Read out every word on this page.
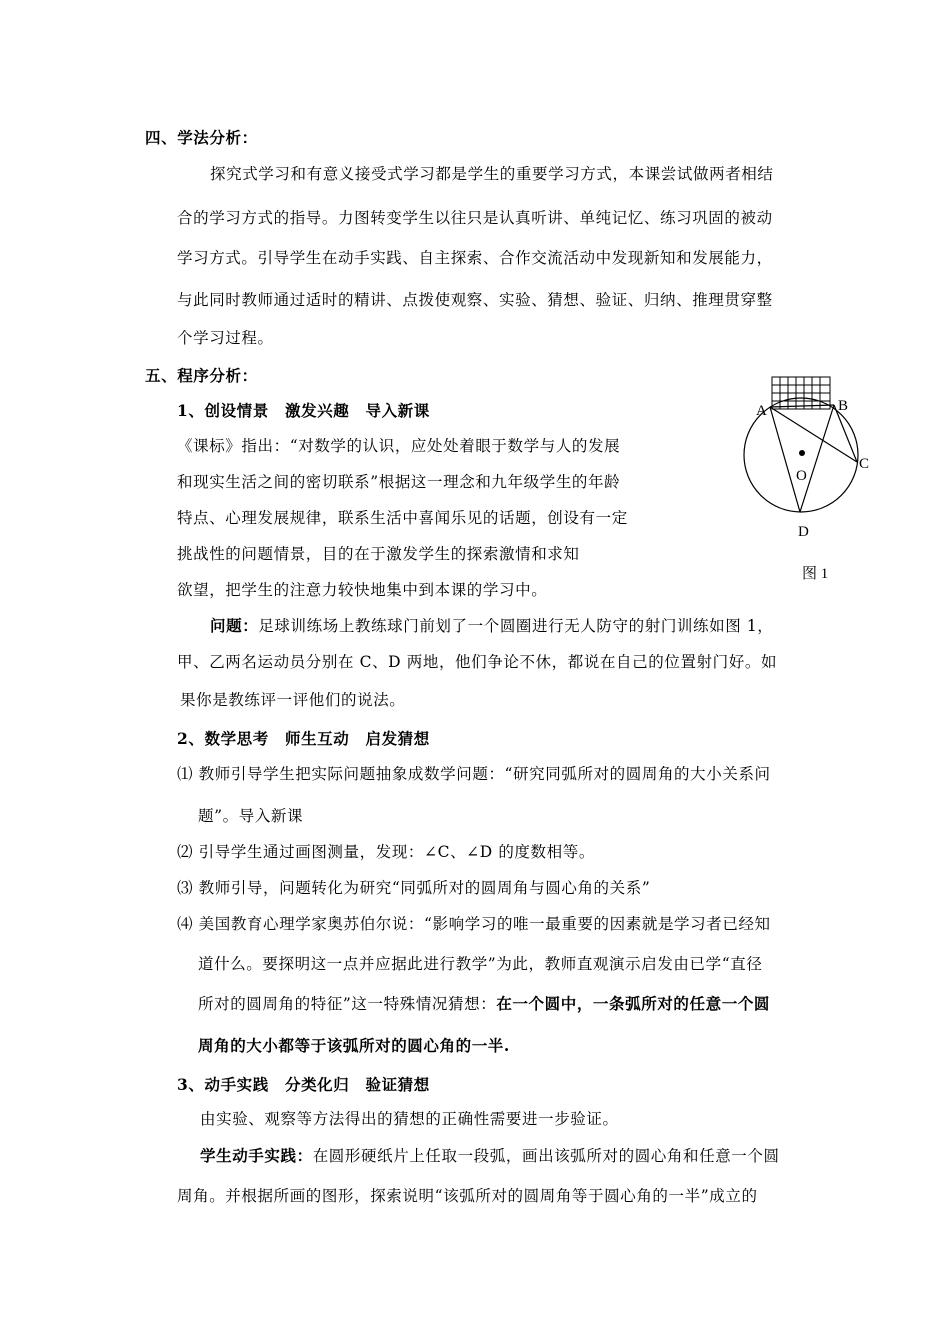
四、学法分析：
探究式学习和有意义接受式学习都是学生的重要学习方式，本课尝试做两者相结
合的学习方式的指导。力图转变学生以往只是认真听讲、单纯记忆、练习巩固的被动
学习方式。引导学生在动手实践、自主探索、合作交流活动中发现新知和发展能力，
与此同时教师通过适时的精讲、点拨使观察、实验、猜想、验证、归纳、推理贯穿整
个学习过程。
五、程序分析：
1、创设情景　激发兴趣　导入新课
《课标》指出：“对数学的认识，应处处着眼于数学与人的发展
和现实生活之间的密切联系”根据这一理念和九年级学生的年龄
特点、心理发展规律，联系生活中喜闻乐见的话题，创设有一定
挑战性的问题情景，目的在于激发学生的探索激情和求知
欲望，把学生的注意力较快地集中到本课的学习中。
问题：足球训练场上教练球门前划了一个圆圈进行无人防守的射门训练如图 1，
甲、乙两名运动员分别在 C、D 两地，他们争论不休，都说在自己的位置射门好。如
果你是教练评一评他们的说法。
A	B
C
O
D
图 1
2、数学思考　师生互动　启发猜想
⑴ 教师引导学生把实际问题抽象成数学问题：“研究同弧所对的圆周角的大小关系问
题”。导入新课
⑵ 引导学生通过画图测量，发现：∠C、∠D 的度数相等。
⑶ 教师引导，问题转化为研究“同弧所对的圆周角与圆心角的关系”
⑷ 美国教育心理学家奥苏伯尔说：“影响学习的唯一最重要的因素就是学习者已经知
道什么。要探明这一点并应据此进行教学”为此，教师直观演示启发由已学“直径
所对的圆周角的特征”这一特殊情况猜想：在一个圆中，一条弧所对的任意一个圆
周角的大小都等于该弧所对的圆心角的一半.
3、动手实践　分类化归　验证猜想
由实验、观察等方法得出的猜想的正确性需要进一步验证。
学生动手实践：在圆形硬纸片上任取一段弧，画出该弧所对的圆心角和任意一个圆
周角。并根据所画的图形，探索说明“该弧所对的圆周角等于圆心角的一半”成立的
